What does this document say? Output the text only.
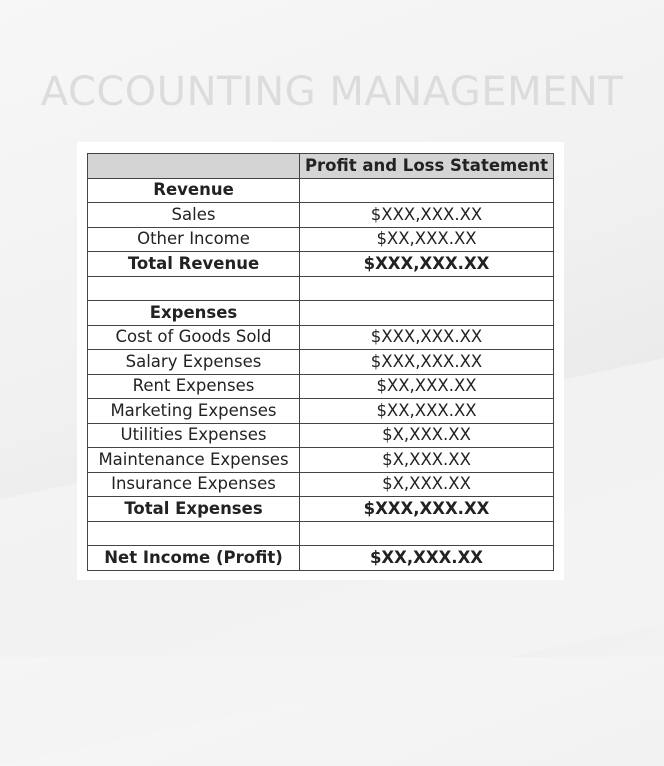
ACCOUNTING MANAGEMENT
	Profit and Loss Statement
Revenue	
Sales	$XXX,XXX.XX
Other Income	$XX,XXX.XX
Total Revenue	$XXX,XXX.XX

Expenses	
Cost of Goods Sold	$XXX,XXX.XX
Salary Expenses	$XXX,XXX.XX
Rent Expenses	$XX,XXX.XX
Marketing Expenses	$XX,XXX.XX
Utilities Expenses	$X,XXX.XX
Maintenance Expenses	$X,XXX.XX
Insurance Expenses	$X,XXX.XX
Total Expenses	$XXX,XXX.XX

Net Income (Profit)	$XX,XXX.XX
